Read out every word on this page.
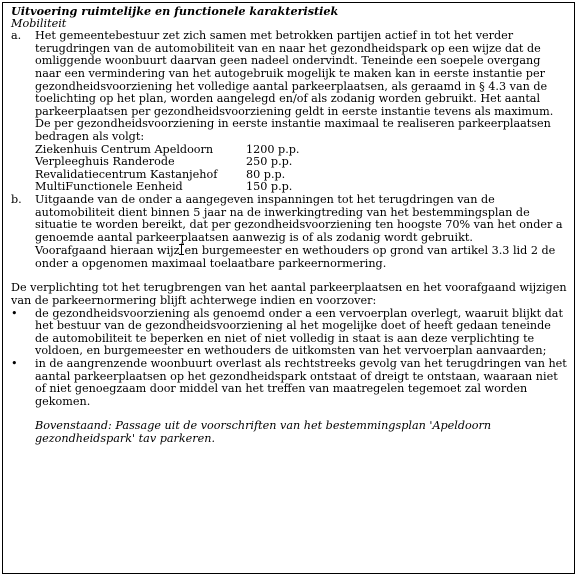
Uitvoering ruimtelijke en functionele karakteristiek
Mobiliteit
a. Het gemeentebestuur zet zich samen met betrokken partijen actief in tot het verder terugdringen van de automobiliteit van en naar het gezondheidspark op een wijze dat de omliggende woonbuurt daarvan geen nadeel ondervindt. Teneinde een soepele overgang naar een vermindering van het autogebruik mogelijk te maken kan in eerste instantie per gezondheidsvoorziening het volledige aantal parkeerplaatsen, als geraamd in § 4.3 van de toelichting op het plan, worden aangelegd en/of als zodanig worden gebruikt. Het aantal parkeerplaatsen per gezondheidsvoorziening geldt in eerste instantie tevens als maximum. De per gezondheidsvoorziening in eerste instantie maximaal te realiseren parkeerplaatsen bedragen als volgt:
Ziekenhuis Centrum Apeldoorn	1200 p.p.
Verpleeghuis Randerode	250 p.p.
Revalidatiecentrum Kastanjehof	80 p.p.
MultiFunctionele Eenheid	150 p.p.
b. Uitgaande van de onder a aangegeven inspanningen tot het terugdringen van de automobiliteit dient binnen 5 jaar na de inwerkingtreding van het bestemmingsplan de situatie te worden bereikt, dat per gezondheidsvoorziening ten hoogste 70% van het onder a genoemde aantal parkeerplaatsen aanwezig is of als zodanig wordt gebruikt.
Voorafgaand hieraan wijz en burgemeester en wethouders op grond van artikel 3.3 lid 2 de onder a opgenomen maximaal toelaatbare parkeernormering.
De verplichting tot het terugbrengen van het aantal parkeerplaatsen en het voorafgaand wijzigen van de parkeernormering blijft achterwege indien en voorzover:
• de gezondheidsvoorziening als genoemd onder a een vervoerplan overlegt, waaruit blijkt dat het bestuur van de gezondheidsvoorziening al het mogelijke doet of heeft gedaan teneinde de automobiliteit te beperken en niet of niet volledig in staat is aan deze verplichting te voldoen, en burgemeester en wethouders de uitkomsten van het vervoerplan aanvaarden;
• in de aangrenzende woonbuurt overlast als rechtstreeks gevolg van het terugdringen van het aantal parkeerplaatsen op het gezondheidspark ontstaat of dreigt te ontstaan, waaraan niet of niet genoegzaam door middel van het treffen van maatregelen tegemoet zal worden gekomen.
Bovenstaand: Passage uit de voorschriften van het bestemmingsplan 'Apeldoorn gezondheidspark' tav parkeren.
